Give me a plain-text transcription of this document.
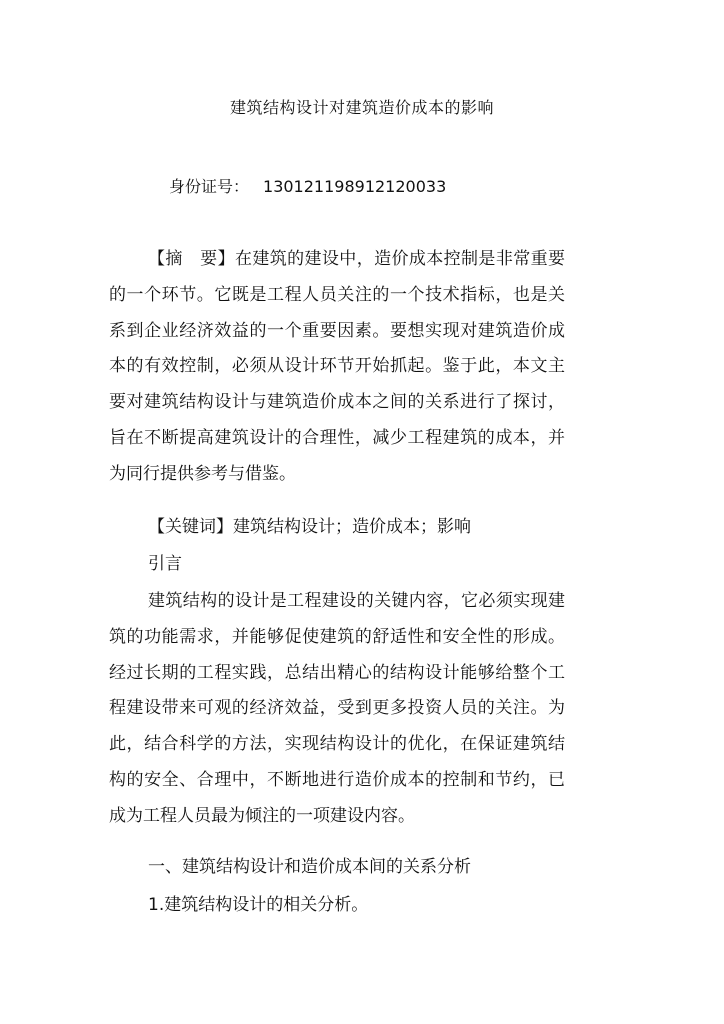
建筑结构设计对建筑造价成本的影响
身份证号： 130121198912120033

【摘　要】在建筑的建设中，造价成本控制是非常重要的一个环节。它既是工程人员关注的一个技术指标，也是关系到企业经济效益的一个重要因素。要想实现对建筑造价成本的有效控制，必须从设计环节开始抓起。鉴于此，本文主要对建筑结构设计与建筑造价成本之间的关系进行了探讨，旨在不断提高建筑设计的合理性，减少工程建筑的成本，并为同行提供参考与借鉴。

【关键词】建筑结构设计；造价成本；影响

引言

建筑结构的设计是工程建设的关键内容，它必须实现建筑的功能需求，并能够促使建筑的舒适性和安全性的形成。经过长期的工程实践，总结出精心的结构设计能够给整个工程建设带来可观的经济效益，受到更多投资人员的关注。为此，结合科学的方法，实现结构设计的优化，在保证建筑结构的安全、合理中，不断地进行造价成本的控制和节约，已成为工程人员最为倾注的一项建设内容。

一、建筑结构设计和造价成本间的关系分析

1.建筑结构设计的相关分析。
